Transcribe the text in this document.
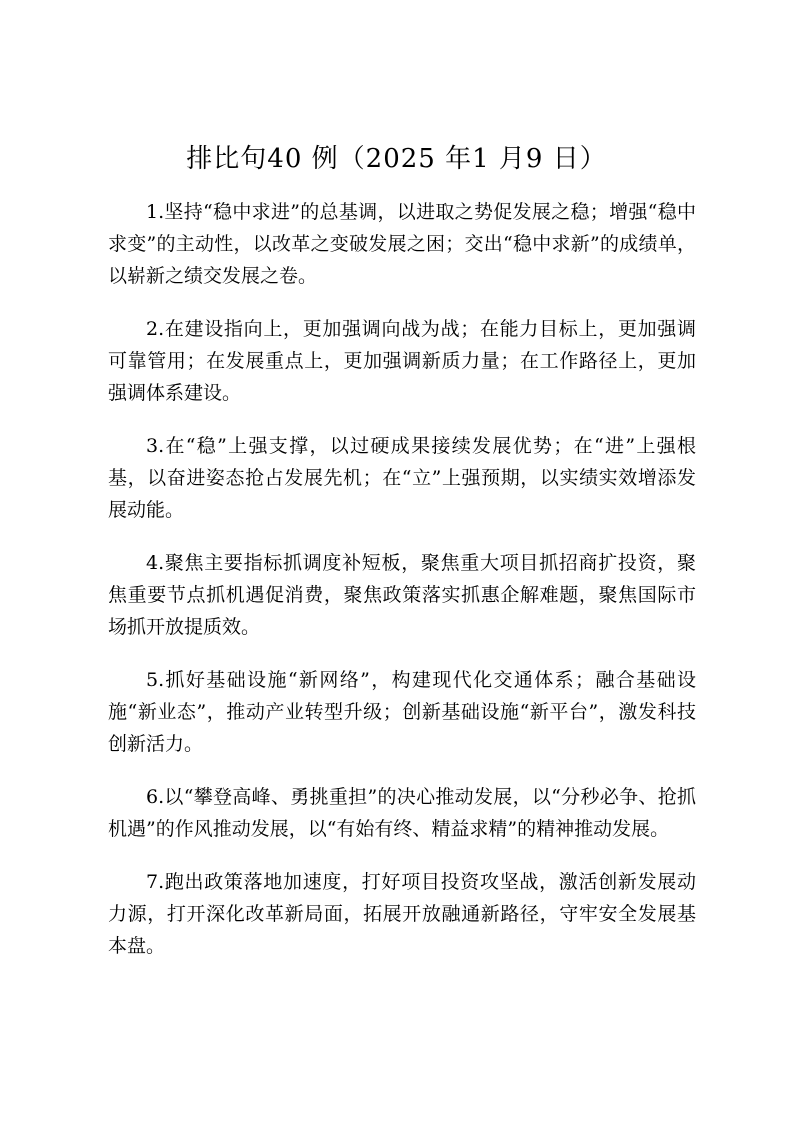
排比句40 例（2025 年1 月9 日）

1.坚持“稳中求进”的总基调，以进取之势促发展之稳；增强“稳中求变”的主动性，以改革之变破发展之困；交出“稳中求新”的成绩单，以崭新之绩交发展之卷。

2.在建设指向上，更加强调向战为战；在能力目标上，更加强调可靠管用；在发展重点上，更加强调新质力量；在工作路径上，更加强调体系建设。

3.在“稳”上强支撑，以过硬成果接续发展优势；在“进”上强根基，以奋进姿态抢占发展先机；在“立”上强预期，以实绩实效增添发展动能。

4.聚焦主要指标抓调度补短板，聚焦重大项目抓招商扩投资，聚焦重要节点抓机遇促消费，聚焦政策落实抓惠企解难题，聚焦国际市场抓开放提质效。

5.抓好基础设施“新网络”，构建现代化交通体系；融合基础设施“新业态”，推动产业转型升级；创新基础设施“新平台”，激发科技创新活力。

6.以“攀登高峰、勇挑重担”的决心推动发展，以“分秒必争、抢抓机遇”的作风推动发展，以“有始有终、精益求精”的精神推动发展。

7.跑出政策落地加速度，打好项目投资攻坚战，激活创新发展动力源，打开深化改革新局面，拓展开放融通新路径，守牢安全发展基本盘。
